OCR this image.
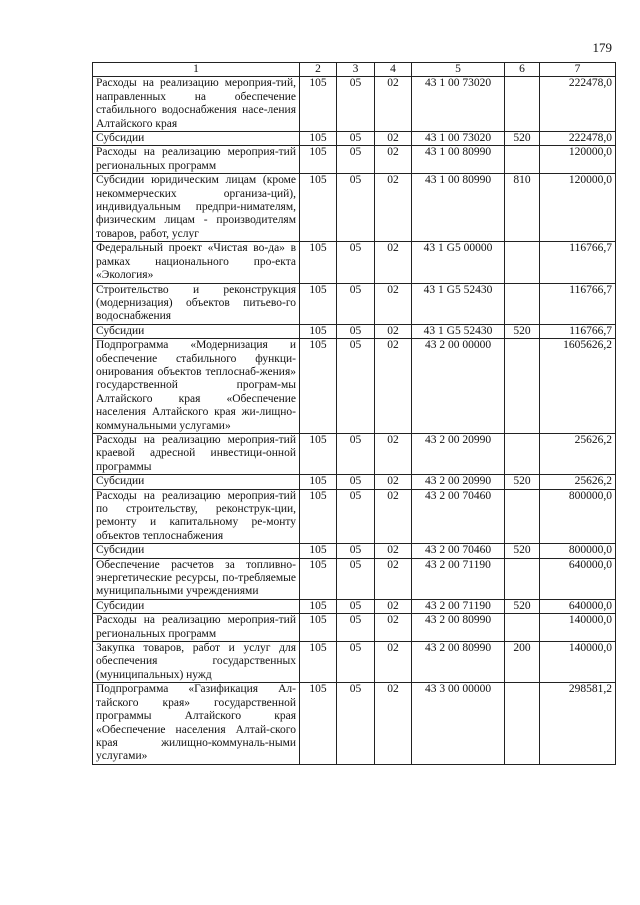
179
1	2	3	4	5	6	7
Расходы на реализацию мероприя-тий, направленных на обеспечение стабильного водоснабжения насе-ления Алтайского края	105	05	02	43 1 00 73020		222478,0
Субсидии	105	05	02	43 1 00 73020	520	222478,0
Расходы на реализацию мероприя-тий региональных программ	105	05	02	43 1 00 80990		120000,0
Субсидии юридическим лицам (кроме некоммерческих организа-ций), индивидуальным предпри-нимателям, физическим лицам - производителям товаров, работ, услуг	105	05	02	43 1 00 80990	810	120000,0
Федеральный проект «Чистая во-да» в рамках национального про-екта «Экология»	105	05	02	43 1 G5 00000		116766,7
Строительство и реконструкция (модернизация) объектов питьево-го водоснабжения	105	05	02	43 1 G5 52430		116766,7
Субсидии	105	05	02	43 1 G5 52430	520	116766,7
Подпрограмма «Модернизация и обеспечение стабильного функци-онирования объектов теплоснаб-жения» государственной програм-мы Алтайского края «Обеспечение населения Алтайского края жи-лищно-коммунальными услугами»	105	05	02	43 2 00 00000		1605626,2
Расходы на реализацию мероприя-тий краевой адресной инвестици-онной программы	105	05	02	43 2 00 20990		25626,2
Субсидии	105	05	02	43 2 00 20990	520	25626,2
Расходы на реализацию мероприя-тий по строительству, реконструк-ции, ремонту и капитальному ре-монту объектов теплоснабжения	105	05	02	43 2 00 70460		800000,0
Субсидии	105	05	02	43 2 00 70460	520	800000,0
Обеспечение расчетов за топливно-энергетические ресурсы, по-требляемые муниципальными учреждениями	105	05	02	43 2 00 71190		640000,0
Субсидии	105	05	02	43 2 00 71190	520	640000,0
Расходы на реализацию мероприя-тий региональных программ	105	05	02	43 2 00 80990		140000,0
Закупка товаров, работ и услуг для обеспечения государственных (муниципальных) нужд	105	05	02	43 2 00 80990	200	140000,0
Подпрограмма «Газификация Ал-тайского края» государственной программы Алтайского края «Обеспечение населения Алтай-ского края жилищно-коммуналь-ными услугами»	105	05	02	43 3 00 00000		298581,2
